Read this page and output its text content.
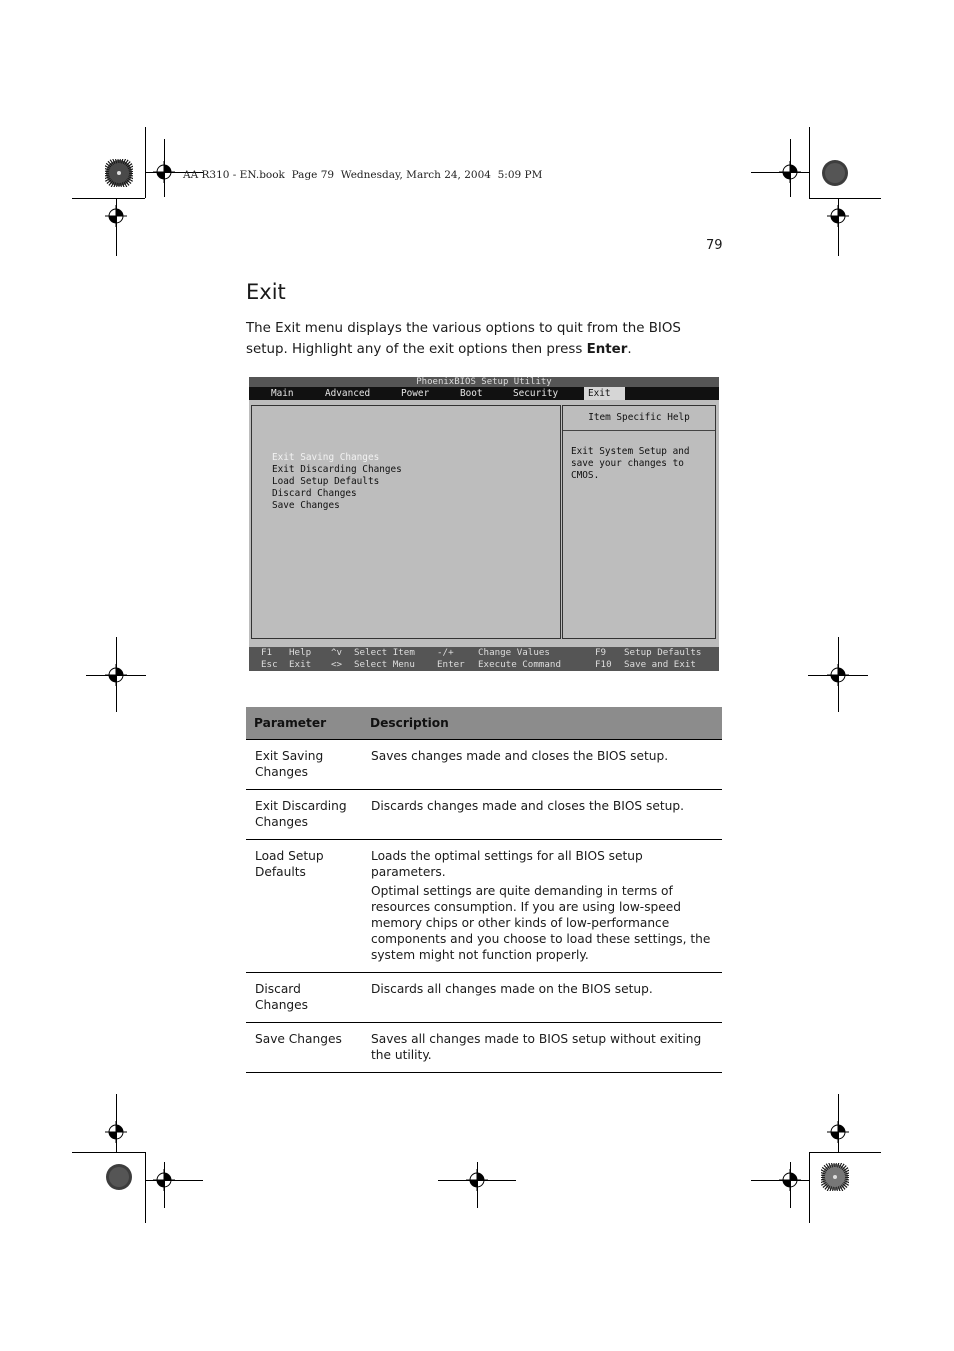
AA R310 - EN.book  Page 79  Wednesday, March 24, 2004  5:09 PM
79
Exit

The Exit menu displays the various options to quit from the BIOS setup. Highlight any of the exit options then press Enter.

PhoenixBIOS Setup Utility
Main	Advanced	Power	Boot	Security	Exit
Exit Saving Changes
Exit Discarding Changes
Load Setup Defaults
Discard Changes
Save Changes
Item Specific Help
Exit System Setup and
save your changes to
CMOS.
F1 Help
Esc Exit
^v Select Item
<> Select Menu
-/+	Change Values
Enter Execute Command
F9 Setup Defaults
F10 Save and Exit
Parameter	Description
Exit Saving Changes	Saves changes made and closes the BIOS setup.

Exit Discarding Changes	Discards changes made and closes the BIOS setup.

Load Setup Defaults	Loads the optimal settings for all BIOS setup parameters.

Optimal settings are quite demanding in terms of resources consumption. If you are using low-speed memory chips or other kinds of low-performance components and you choose to load these settings, the system might not function properly.

Discard Changes	Discards all changes made on the BIOS setup.

Save Changes	Saves all changes made to BIOS setup without exiting the utility.
